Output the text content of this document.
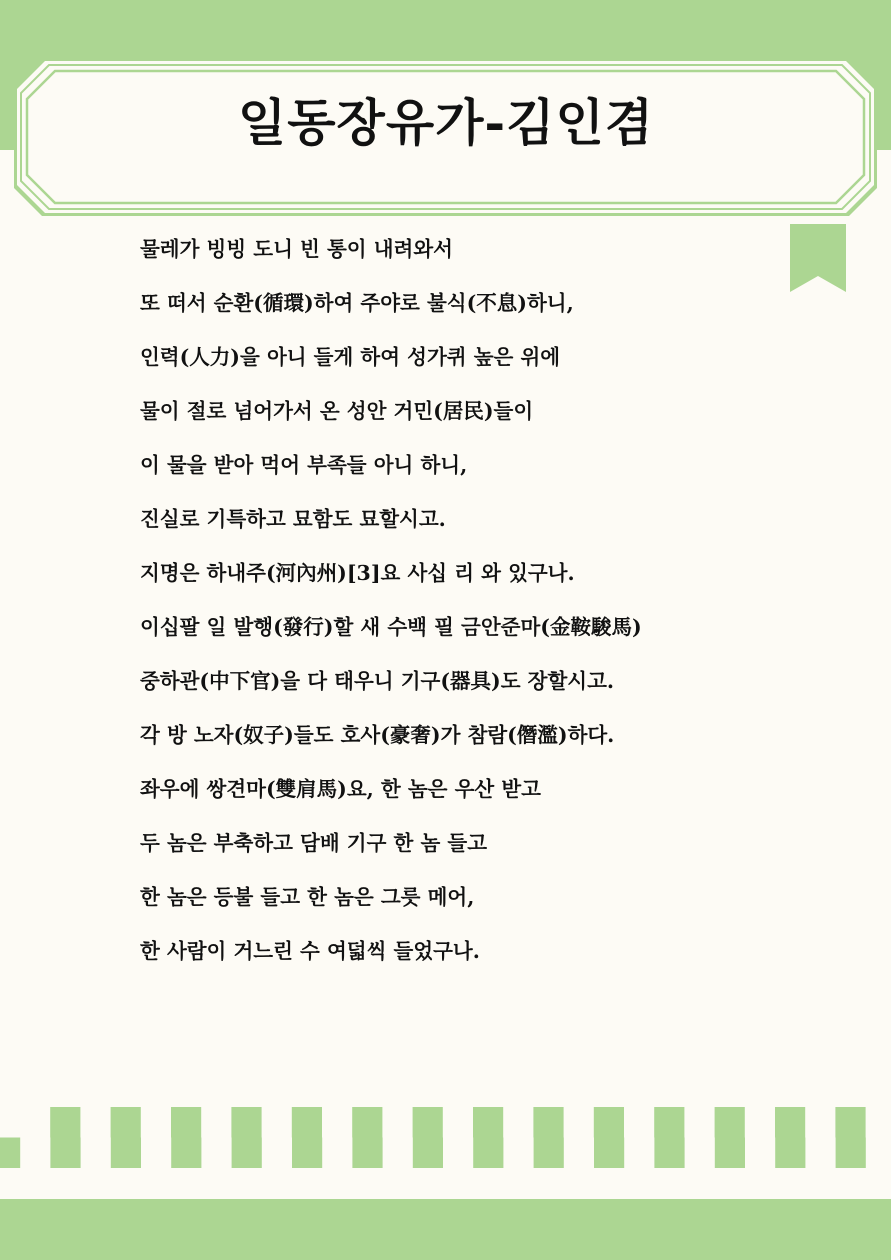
일동장유가-김인겸
물레가 빙빙 도니 빈 통이 내려와서
또 떠서 순환(循環)하여 주야로 불식(不息)하니,
인력(人力)을 아니 들게 하여 성가퀴 높은 위에
물이 절로 넘어가서 온 성안 거민(居民)들이
이 물을 받아 먹어 부족들 아니 하니,
진실로 기특하고 묘함도 묘할시고.
지명은 하내주(河內州)[3]요 사십 리 와 있구나.
이십팔 일 발행(發行)할 새 수백 필 금안준마(金鞍駿馬)
중하관(中下官)을 다 태우니 기구(器具)도 장할시고.
각 방 노자(奴子)들도 호사(豪奢)가 참람(僭濫)하다.
좌우에 쌍견마(雙肩馬)요, 한 놈은 우산 받고
두 놈은 부축하고 담배 기구 한 놈 들고
한 놈은 등불 들고 한 놈은 그릇 메어,
한 사람이 거느린 수 여덟씩 들었구나.
